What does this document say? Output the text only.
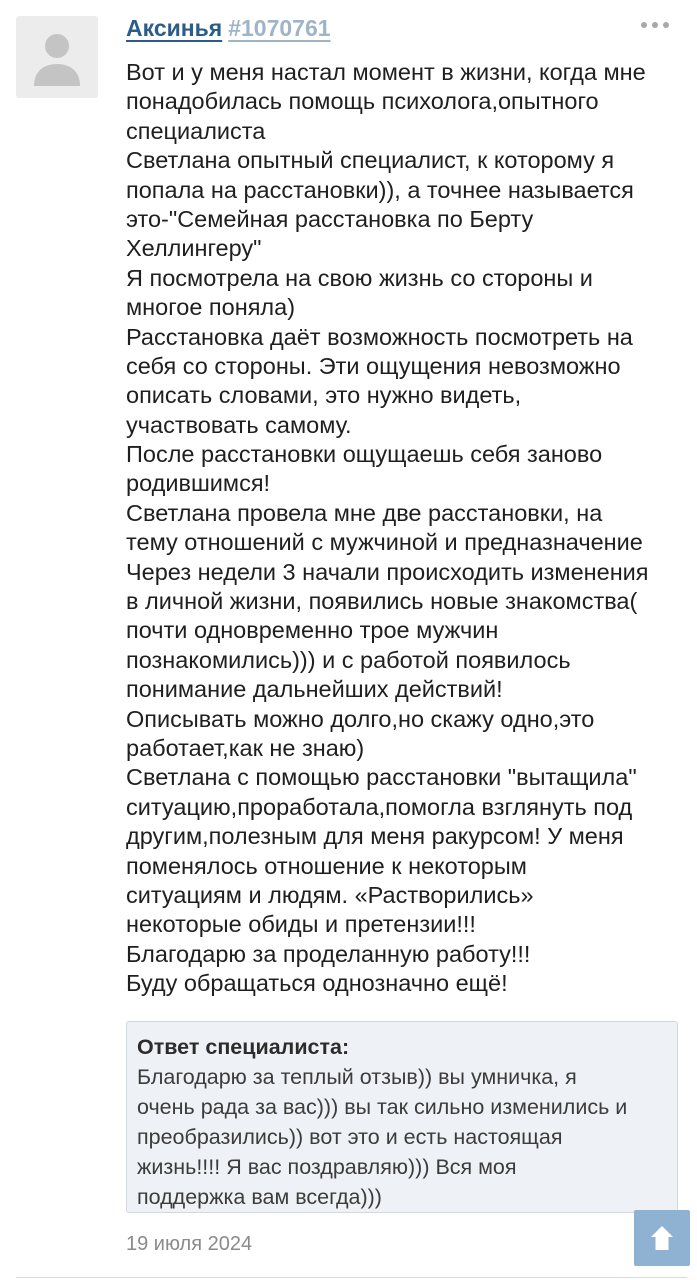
Аксинья #1070761
Вот и у меня настал момент в жизни, когда мне
понадобилась помощь психолога,опытного
специалиста
Светлана опытный специалист, к которому я
попала на расстановки)), а точнее называется
это-"Семейная расстановка по Берту
Хеллингеру"
Я посмотрела на свою жизнь со стороны и
многое поняла)
Расстановка даёт возможность посмотреть на
себя со стороны. Эти ощущения невозможно
описать словами, это нужно видеть,
участвовать самому.
После расстановки ощущаешь себя заново
родившимся!
Светлана провела мне две расстановки, на
тему отношений с мужчиной и предназначение
Через недели 3 начали происходить изменения
в личной жизни, появились новые знакомства(
почти одновременно трое мужчин
познакомились))) и с работой появилось
понимание дальнейших действий!
Описывать можно долго,но скажу одно,это
работает,как не знаю)
Светлана с помощью расстановки "вытащила"
ситуацию,проработала,помогла взглянуть под
другим,полезным для меня ракурсом! У меня
поменялось отношение к некоторым
ситуациям и людям. «Растворились»
некоторые обиды и претензии!!!
Благодарю за проделанную работу!!!
Буду обращаться однозначно ещё!
Ответ специалиста:
Благодарю за теплый отзыв)) вы умничка, я
очень рада за вас))) вы так сильно изменились и
преобразились)) вот это и есть настоящая
жизнь!!!! Я вас поздравляю))) Вся моя
поддержка вам всегда)))
19 июля 2024
